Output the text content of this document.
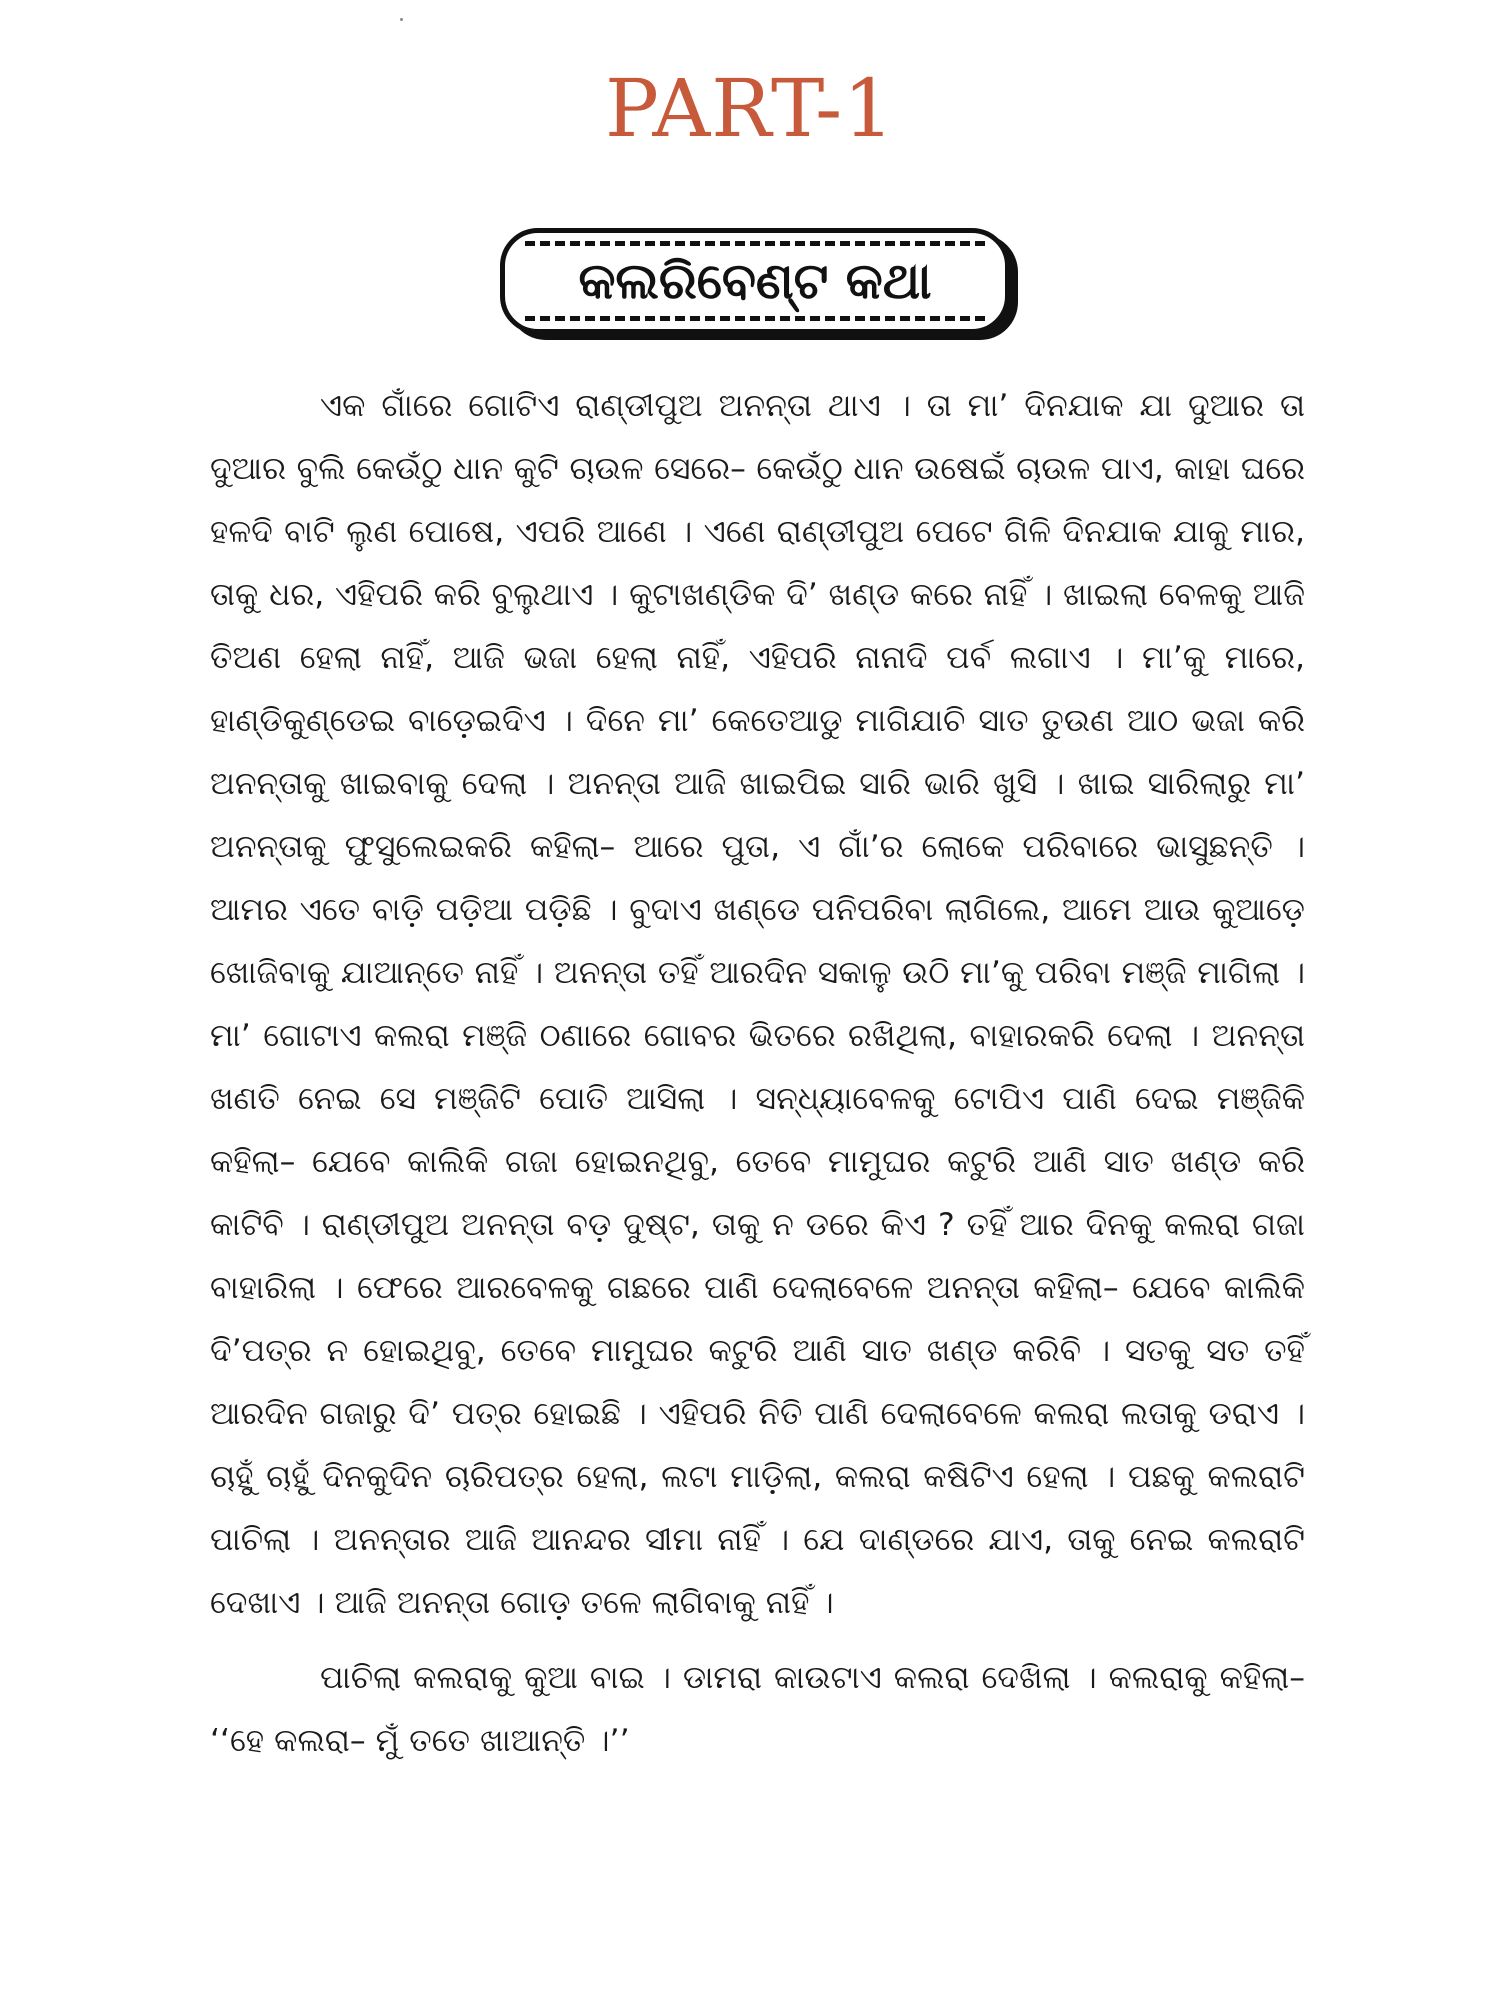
PART-1
କଲରିବେଣ୍ଟ କଥା

ଏକ ଗାଁରେ ଗୋଟିଏ ରାଣ୍ଡୀପୁଅ ଅନନ୍ତା ଥାଏ । ତା ମା’ ଦିନଯାକ ଯା ଦୁଆର ତା ଦୁଆର ବୁଲି କେଉଁଠୁ ଧାନ କୁଟି ଚାଉଳ ସେରେ– କେଉଁଠୁ ଧାନ ଉଷେଇଁ ଚାଉଳ ପାଏ, କାହା ଘରେ ହଳଦି ବାଟି ଲୁଣ ପୋଷେ, ଏପରି ଆଣେ । ଏଣେ ରାଣ୍ଡୀପୁଅ ପେଟେ ଗିଳି ଦିନଯାକ ଯାକୁ ମାର, ତାକୁ ଧର, ଏହିପରି କରି ବୁଲୁଥାଏ । କୁଟାଖଣ୍ଡିକ ଦି’ ଖଣ୍ଡ କରେ ନାହିଁ । ଖାଇଲା ବେଳକୁ ଆଜି ତିଅଣ ହେଲା ନାହିଁ, ଆଜି ଭଜା ହେଲା ନାହିଁ, ଏହିପରି ନାନାଦି ପର୍ବ ଲଗାଏ । ମା’କୁ ମାରେ, ହାଣ୍ଡିକୁଣ୍ଡେଇ ବାଡ଼େଇଦିଏ । ଦିନେ ମା’ କେତେଆଡୁ ମାଗିଯାଚି ସାତ ତୁଉଣ ଆଠ ଭଜା କରି ଅନନ୍ତାକୁ ଖାଇବାକୁ ଦେଲା । ଅନନ୍ତା ଆଜି ଖାଇପିଇ ସାରି ଭାରି ଖୁସି । ଖାଇ ସାରିଲାରୁ ମା’ ଅନନ୍ତାକୁ ଫୁସୁଲେଇକରି କହିଲା– ଆରେ ପୁତା, ଏ ଗାଁ’ର ଲୋକେ ପରିବାରେ ଭାସୁଛନ୍ତି । ଆମର ଏତେ ବାଡ଼ି ପଡ଼ିଆ ପଡ଼ିଛି । ବୁଦାଏ ଖଣ୍ଡେ ପନିପରିବା ଲାଗିଲେ, ଆମେ ଆଉ କୁଆଡ଼େ ଖୋଜିବାକୁ ଯାଆନ୍ତେ ନାହିଁ । ଅନନ୍ତା ତହିଁ ଆରଦିନ ସକାଳୁ ଉଠି ମା’କୁ ପରିବା ମଞ୍ଜି ମାଗିଲା । ମା’ ଗୋଟାଏ କଲରା ମଞ୍ଜି ଠଣାରେ ଗୋବର ଭିତରେ ରଖିଥିଲା, ବାହାରକରି ଦେଲା । ଅନନ୍ତା ଖଣତି ନେଇ ସେ ମଞ୍ଜିଟି ପୋତି ଆସିଲା । ସନ୍ଧ୍ୟାବେଳକୁ ଟୋପିଏ ପାଣି ଦେଇ ମଞ୍ଜିକି କହିଲା– ଯେବେ କାଲିକି ଗଜା ହୋଇନଥିବୁ, ତେବେ ମାମୁଘର କଟୁରି ଆଣି ସାତ ଖଣ୍ଡ କରି କାଟିବି । ରାଣ୍ଡୀପୁଅ ଅନନ୍ତା ବଡ଼ ଦୁଷ୍ଟ, ତାକୁ ନ ଡରେ କିଏ ? ତହିଁ ଆର ଦିନକୁ କଲରା ଗଜା ବାହାରିଲା । ଫେରେ ଆରବେଳକୁ ଗଛରେ ପାଣି ଦେଲାବେଳେ ଅନନ୍ତା କହିଲା– ଯେବେ କାଲିକି ଦି’ପତ୍ର ନ ହୋଇଥିବୁ, ତେବେ ମାମୁଘର କଟୁରି ଆଣି ସାତ ଖଣ୍ଡ କରିବି । ସତକୁ ସତ ତହିଁ ଆରଦିନ ଗଜାରୁ ଦି’ ପତ୍ର ହୋଇଛି । ଏହିପରି ନିତି ପାଣି ଦେଲାବେଳେ କଲରା ଲତାକୁ ଡରାଏ । ଚାହୁଁ ଚାହୁଁ ଦିନକୁଦିନ ଚାରିପତ୍ର ହେଲା, ଲଟା ମାଡ଼ିଲା, କଲରା କଷିଟିଏ ହେଲା । ପଛକୁ କଲରାଟି ପାଚିଲା । ଅନନ୍ତାର ଆଜି ଆନନ୍ଦର ସୀମା ନାହିଁ । ଯେ ଦାଣ୍ଡରେ ଯାଏ, ତାକୁ ନେଇ କଲରାଟି ଦେଖାଏ । ଆଜି ଅନନ୍ତା ଗୋଡ଼ ତଳେ ଲାଗିବାକୁ ନାହିଁ ।

ପାଚିଲା କଲରାକୁ କୁଆ ବାଇ । ଡାମରା କାଉଟାଏ କଲରା ଦେଖିଲା । କଲରାକୁ କହିଲା– ‘‘ହେ କଲରା– ମୁଁ ତତେ ଖାଆନ୍ତି ।’’
